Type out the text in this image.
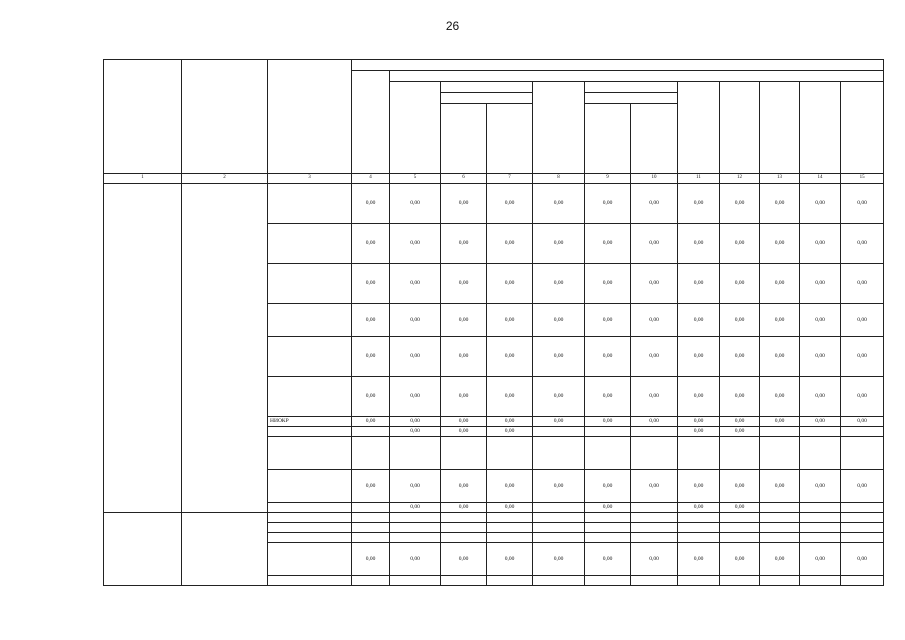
26

1	2	3	4	5	6	7	8	9	10	11	12	13	14	15
			0,00	0,00	0,00	0,00	0,00	0,00	0,00	0,00	0,00	0,00	0,00	0,00
			0,00	0,00	0,00	0,00	0,00	0,00	0,00	0,00	0,00	0,00	0,00	0,00
			0,00	0,00	0,00	0,00	0,00	0,00	0,00	0,00	0,00	0,00	0,00	0,00
			0,00	0,00	0,00	0,00	0,00	0,00	0,00	0,00	0,00	0,00	0,00	0,00
			0,00	0,00	0,00	0,00	0,00	0,00	0,00	0,00	0,00	0,00	0,00	0,00
			0,00	0,00	0,00	0,00	0,00	0,00	0,00	0,00	0,00	0,00	0,00	0,00
		НИОКР	0,00	0,00	0,00	0,00	0,00	0,00	0,00	0,00	0,00	0,00	0,00	0,00
				0,00	0,00	0,00				0,00	0,00			

			0,00	0,00	0,00	0,00	0,00	0,00	0,00	0,00	0,00	0,00	0,00	0,00
				0,00	0,00	0,00		0,00		0,00	0,00			

			0,00	0,00	0,00	0,00	0,00	0,00	0,00	0,00	0,00	0,00	0,00	0,00
